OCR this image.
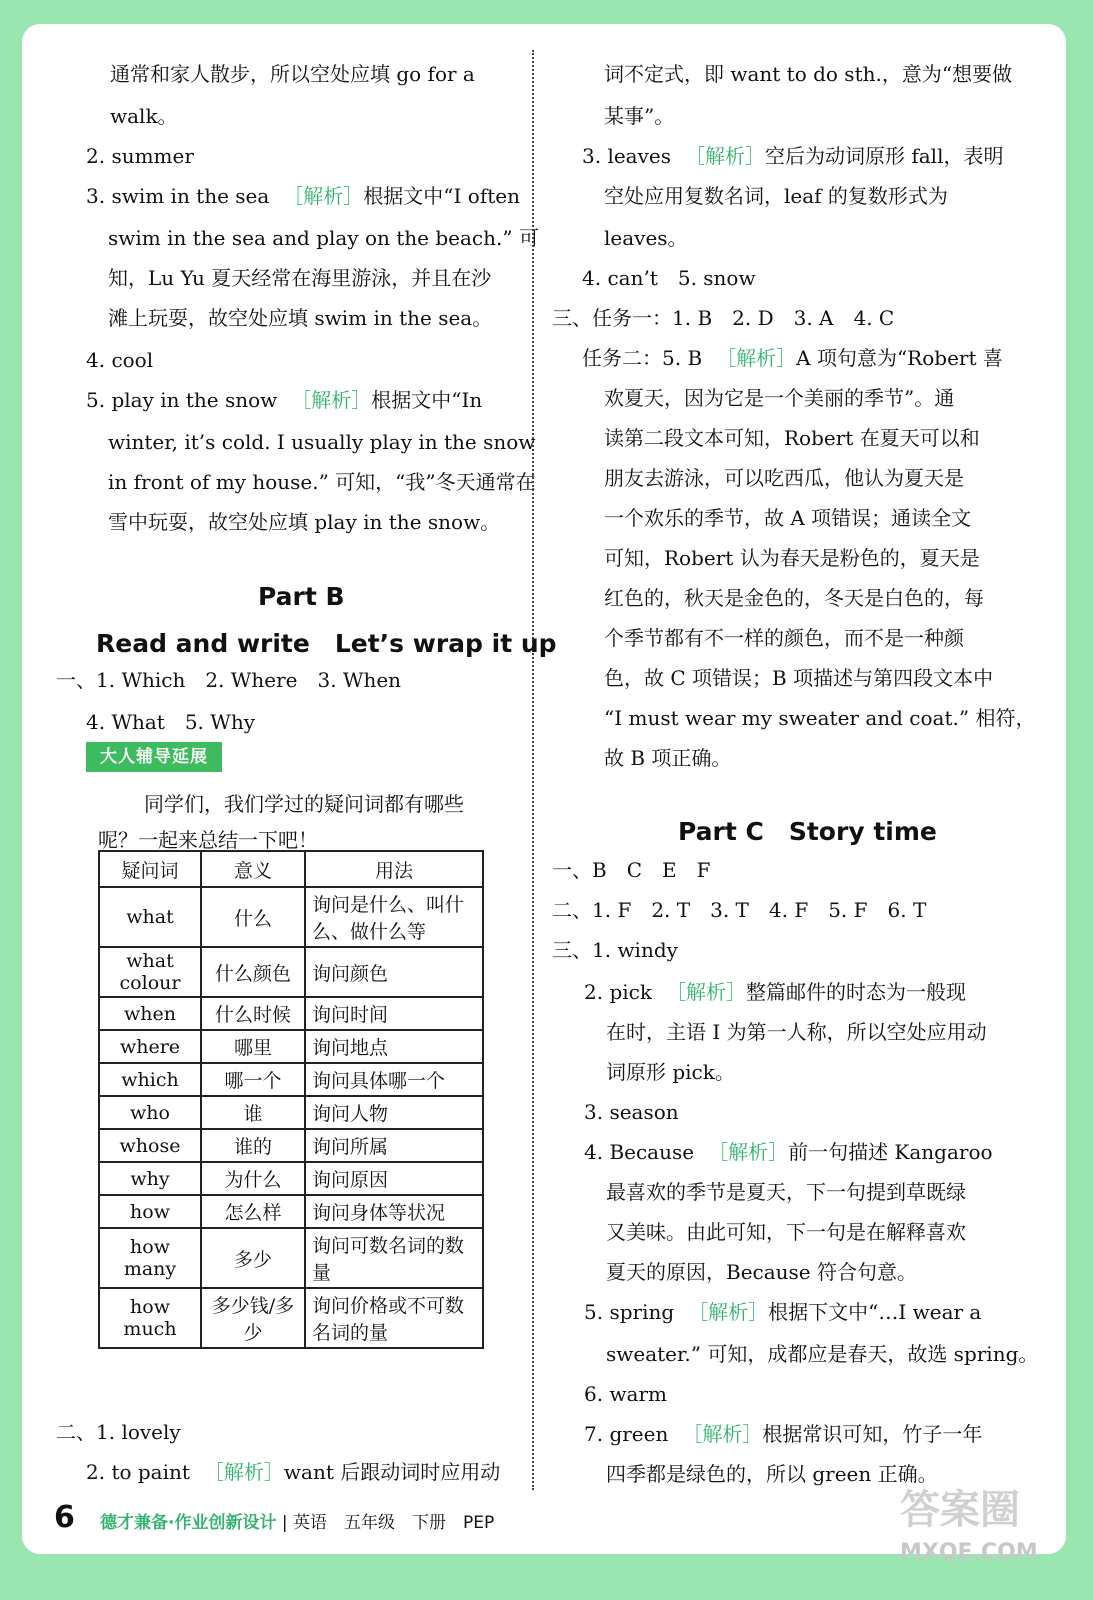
通常和家人散步，所以空处应填 go for a
walk。
2. summer
3. swim in the sea ［解析］根据文中“I often
swim in the sea and play on the beach.” 可
知，Lu Yu 夏天经常在海里游泳，并且在沙
滩上玩耍，故空处应填 swim in the sea。
4. cool
5. play in the snow ［解析］根据文中“In
winter, it’s cold. I usually play in the snow
in front of my house.” 可知，“我”冬天通常在
雪中玩耍，故空处应填 play in the snow。
一、1. Which　2. Where　3. When
4. What　5. Why
同学们，我们学过的疑问词都有哪些
呢？一起来总结一下吧！
二、1. lovely
2. to paint ［解析］want 后跟动词时应用动
词不定式，即 want to do sth.，意为“想要做
某事”。
3. leaves ［解析］空后为动词原形 fall，表明
空处应用复数名词，leaf 的复数形式为
leaves。
4. can’t　5. snow
三、任务一：1. B　2. D　3. A　4. C
任务二：5. B ［解析］A 项句意为“Robert 喜
欢夏天，因为它是一个美丽的季节”。通
读第二段文本可知，Robert 在夏天可以和
朋友去游泳，可以吃西瓜，他认为夏天是
一个欢乐的季节，故 A 项错误；通读全文
可知，Robert 认为春天是粉色的，夏天是
红色的，秋天是金色的，冬天是白色的，每
个季节都有不一样的颜色，而不是一种颜
色，故 C 项错误；B 项描述与第四段文本中
“I must wear my sweater and coat.” 相符，
故 B 项正确。
一、B　C　E　F
二、1. F　2. T　3. T　4. F　5. F　6. T
三、1. windy
2. pick ［解析］整篇邮件的时态为一般现
在时，主语 I 为第一人称，所以空处应用动
词原形 pick。
3. season
4. Because ［解析］前一句描述 Kangaroo
最喜欢的季节是夏天，下一句提到草既绿
又美味。由此可知，下一句是在解释喜欢
夏天的原因，Because 符合句意。
5. spring ［解析］根据下文中“…I wear a
sweater.” 可知，成都应是春天，故选 spring。
6. warm
7. green ［解析］根据常识可知，竹子一年
四季都是绿色的，所以 green 正确。
Part B
Read and write　Let’s wrap it up
Part C　Story time
大人辅导延展
疑问词	意义	用法
what	什么	询问是什么、叫什么、做什么等
what colour	什么颜色	询问颜色
when	什么时候	询问时间
where	哪里	询问地点
which	哪一个	询问具体哪一个
who	谁	询问人物
whose	谁的	询问所属
why	为什么	询问原因
how	怎么样	询问身体等状况
how many	多少	询问可数名词的数量
how much	多少钱/多少	询问价格或不可数名词的量
6 德才兼备·作业创新设计 | 英语　五年级　下册　PEP	答案圈
MXQE.COM
